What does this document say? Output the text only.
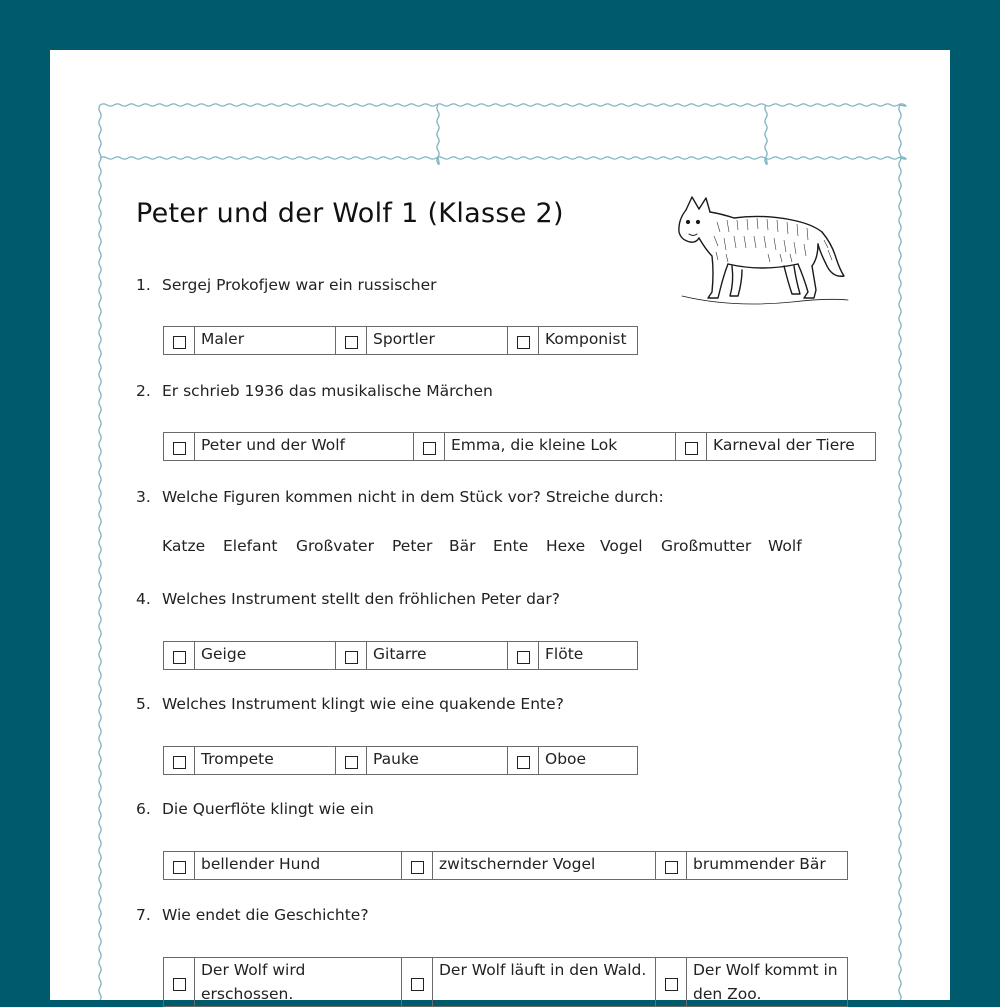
Peter und der Wolf 1 (Klasse 2)
1. Sergej Prokofjew war ein russischer
	Maler		Sportler		Komponist
2. Er schrieb 1936 das musikalische Märchen
	Peter und der Wolf		Emma, die kleine Lok		Karneval der Tiere
3. Welche Figuren kommen nicht in dem Stück vor? Streiche durch:
Katze Elefant Großvater Peter Bär Ente Hexe Vogel Großmutter Wolf
4. Welches Instrument stellt den fröhlichen Peter dar?
	Geige		Gitarre		Flöte
5. Welches Instrument klingt wie eine quakende Ente?
	Trompete		Pauke		Oboe
6. Die Querflöte klingt wie ein
	bellender Hund		zwitschernder Vogel		brummender Bär
7. Wie endet die Geschichte?
	Der Wolf wird erschossen.		Der Wolf läuft in den Wald.		Der Wolf kommt in den Zoo.
